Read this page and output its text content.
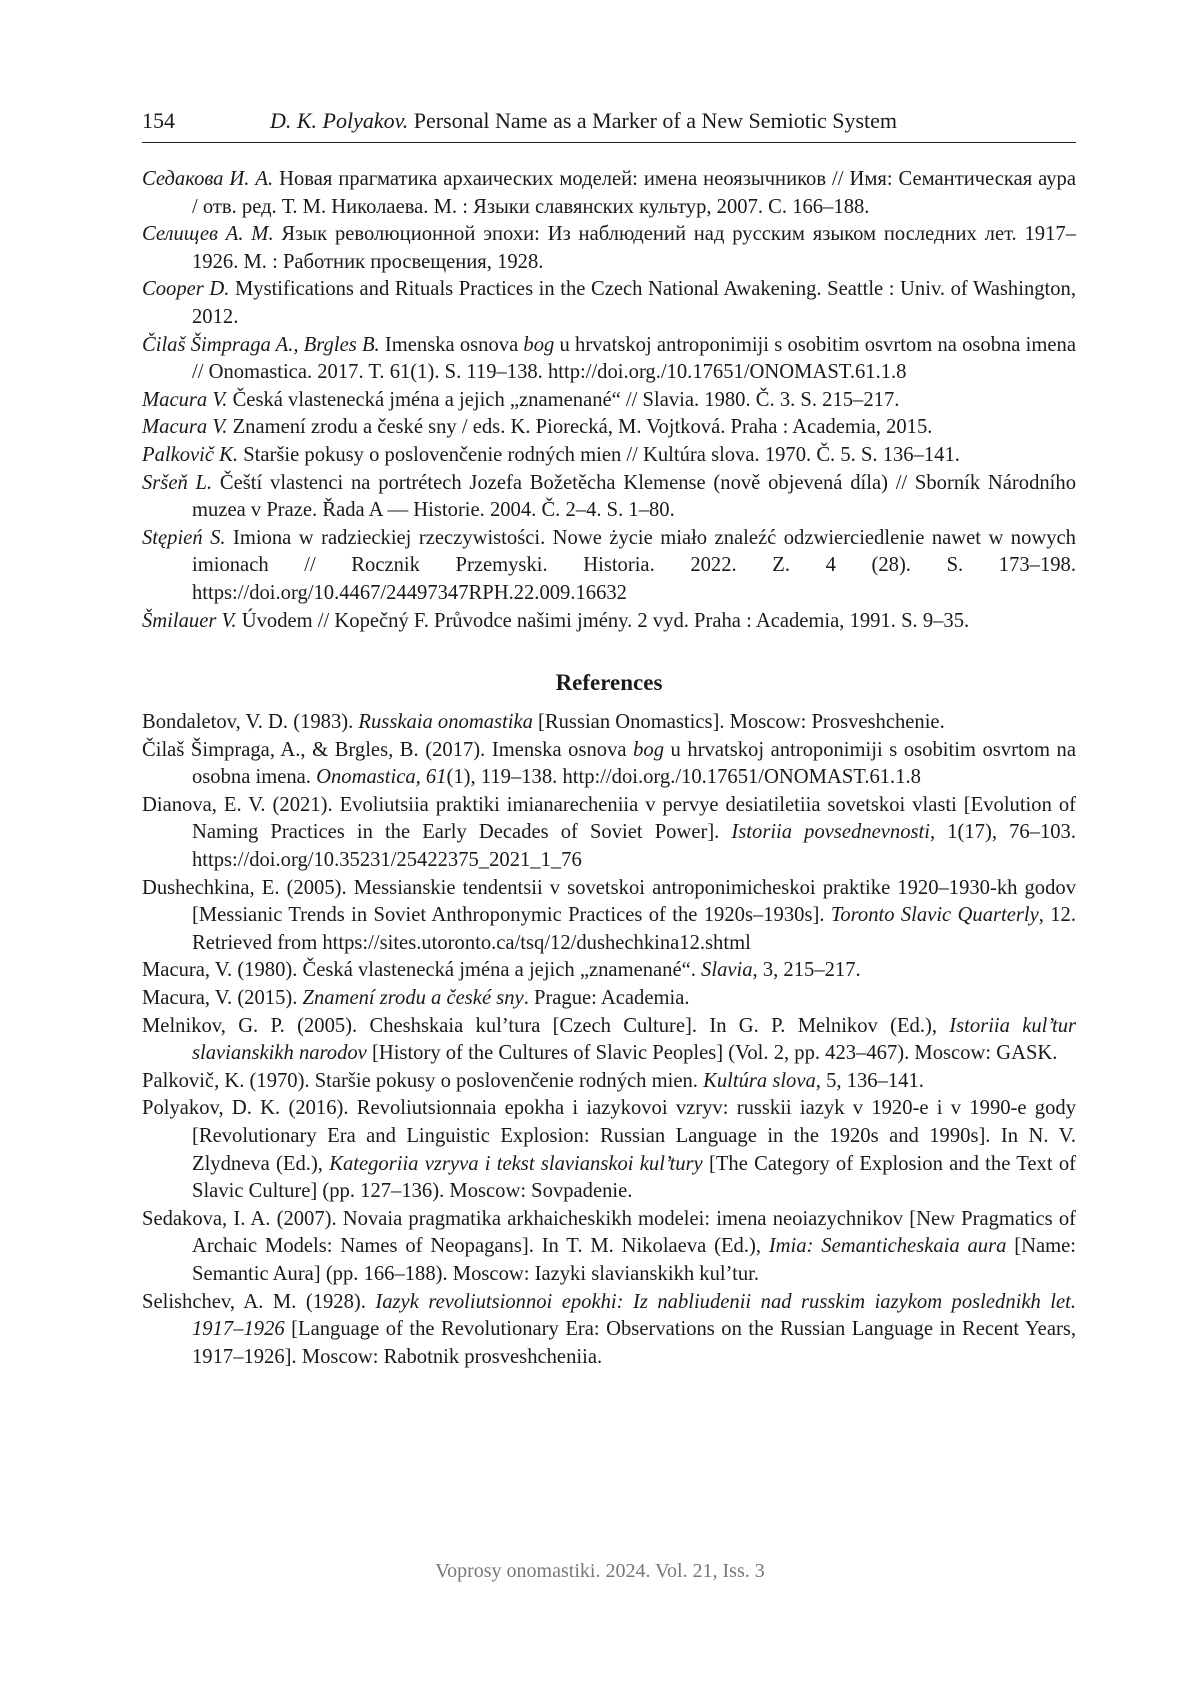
154	D. K. Polyakov. Personal Name as a Marker of a New Semiotic System

Седакова И. А. Новая прагматика архаических моделей: имена неоязычников // Имя: Семантическая аура / отв. ред. Т. М. Николаева. М. : Языки славянских культур, 2007. С. 166–188.

Селищев А. М. Язык революционной эпохи: Из наблюдений над русским языком последних лет. 1917–1926. М. : Работник просвещения, 1928.

Cooper D. Mystifications and Rituals Practices in the Czech National Awakening. Seattle : Univ. of Washington, 2012.

Čilaš Šimpraga A., Brgles B. Imenska osnova bog u hrvatskoj antroponimiji s osobitim osvrtom na osobna imena // Onomastica. 2017. T. 61(1). S. 119–138. http://doi.org./10.17651/ONOMAST.61.1.8

Macura V. Česká vlastenecká jména a jejich „znamenané“ // Slavia. 1980. Č. 3. S. 215–217.

Macura V. Znamení zrodu a české sny / eds. K. Piorecká, M. Vojtková. Praha : Academia, 2015.

Palkovič K. Staršie pokusy o poslovenčenie rodných mien // Kultúra slova. 1970. Č. 5. S. 136–141.

Sršeň L. Čeští vlastenci na portrétech Jozefa Božetěcha Klemense (nově objevená díla) // Sborník Národního muzea v Praze. Řada A — Historie. 2004. Č. 2–4. S. 1–80.

Stępień S. Imiona w radzieckiej rzeczywistości. Nowe życie miało znaleźć odzwierciedlenie nawet w nowych imionach // Rocznik Przemyski. Historia. 2022. Z. 4 (28). S. 173–198. https://doi.org/10.4467/24497347RPH.22.009.16632

Šmilauer V. Úvodem // Kopečný F. Průvodce našimi jmény. 2 vyd. Praha : Academia, 1991. S. 9–35.

References

Bondaletov, V. D. (1983). Russkaia onomastika [Russian Onomastics]. Moscow: Prosveshchenie.

Čilaš Šimpraga, A., & Brgles, B. (2017). Imenska osnova bog u hrvatskoj antroponimiji s osobitim osvrtom na osobna imena. Onomastica, 61(1), 119–138. http://doi.org./10.17651/ONOMAST.61.1.8

Dianova, E. V. (2021). Evoliutsiia praktiki imianarecheniia v pervye desiatiletiia sovetskoi vlasti [Evolution of Naming Practices in the Early Decades of Soviet Power]. Istoriia povsednevnosti, 1(17), 76–103. https://doi.org/10.35231/25422375_2021_1_76

Dushechkina, E. (2005). Messianskie tendentsii v sovetskoi antroponimicheskoi praktike 1920–1930-kh godov [Messianic Trends in Soviet Anthroponymic Practices of the 1920s–1930s]. Toronto Slavic Quarterly, 12. Retrieved from https://sites.utoronto.ca/tsq/12/dushechkina12.shtml

Macura, V. (1980). Česká vlastenecká jména a jejich „znamenané“. Slavia, 3, 215–217.

Macura, V. (2015). Znamení zrodu a české sny. Prague: Academia.

Melnikov, G. P. (2005). Cheshskaia kul’tura [Czech Culture]. In G. P. Melnikov (Ed.), Istoriia kul’tur slavianskikh narodov [History of the Cultures of Slavic Peoples] (Vol. 2, pp. 423–467). Moscow: GASK.

Palkovič, K. (1970). Staršie pokusy o poslovenčenie rodných mien. Kultúra slova, 5, 136–141.

Polyakov, D. K. (2016). Revoliutsionnaia epokha i iazykovoi vzryv: russkii iazyk v 1920-e i v 1990-e gody [Revolutionary Era and Linguistic Explosion: Russian Language in the 1920s and 1990s]. In N. V. Zlydneva (Ed.), Kategoriia vzryva i tekst slavianskoi kul’tury [The Category of Explosion and the Text of Slavic Culture] (pp. 127–136). Moscow: Sovpadenie.

Sedakova, I. A. (2007). Novaia pragmatika arkhaicheskikh modelei: imena neoiazychnikov [New Pragmatics of Archaic Models: Names of Neopagans]. In T. M. Nikolaeva (Ed.), Imia: Semanticheskaia aura [Name: Semantic Aura] (pp. 166–188). Moscow: Iazyki slavianskikh kul’tur.

Selishchev, A. M. (1928). Iazyk revoliutsionnoi epokhi: Iz nabliudenii nad russkim iazykom poslednikh let. 1917–1926 [Language of the Revolutionary Era: Observations on the Russian Language in Recent Years, 1917–1926]. Moscow: Rabotnik prosveshcheniia.

Voprosy onomastiki. 2024. Vol. 21, Iss. 3
